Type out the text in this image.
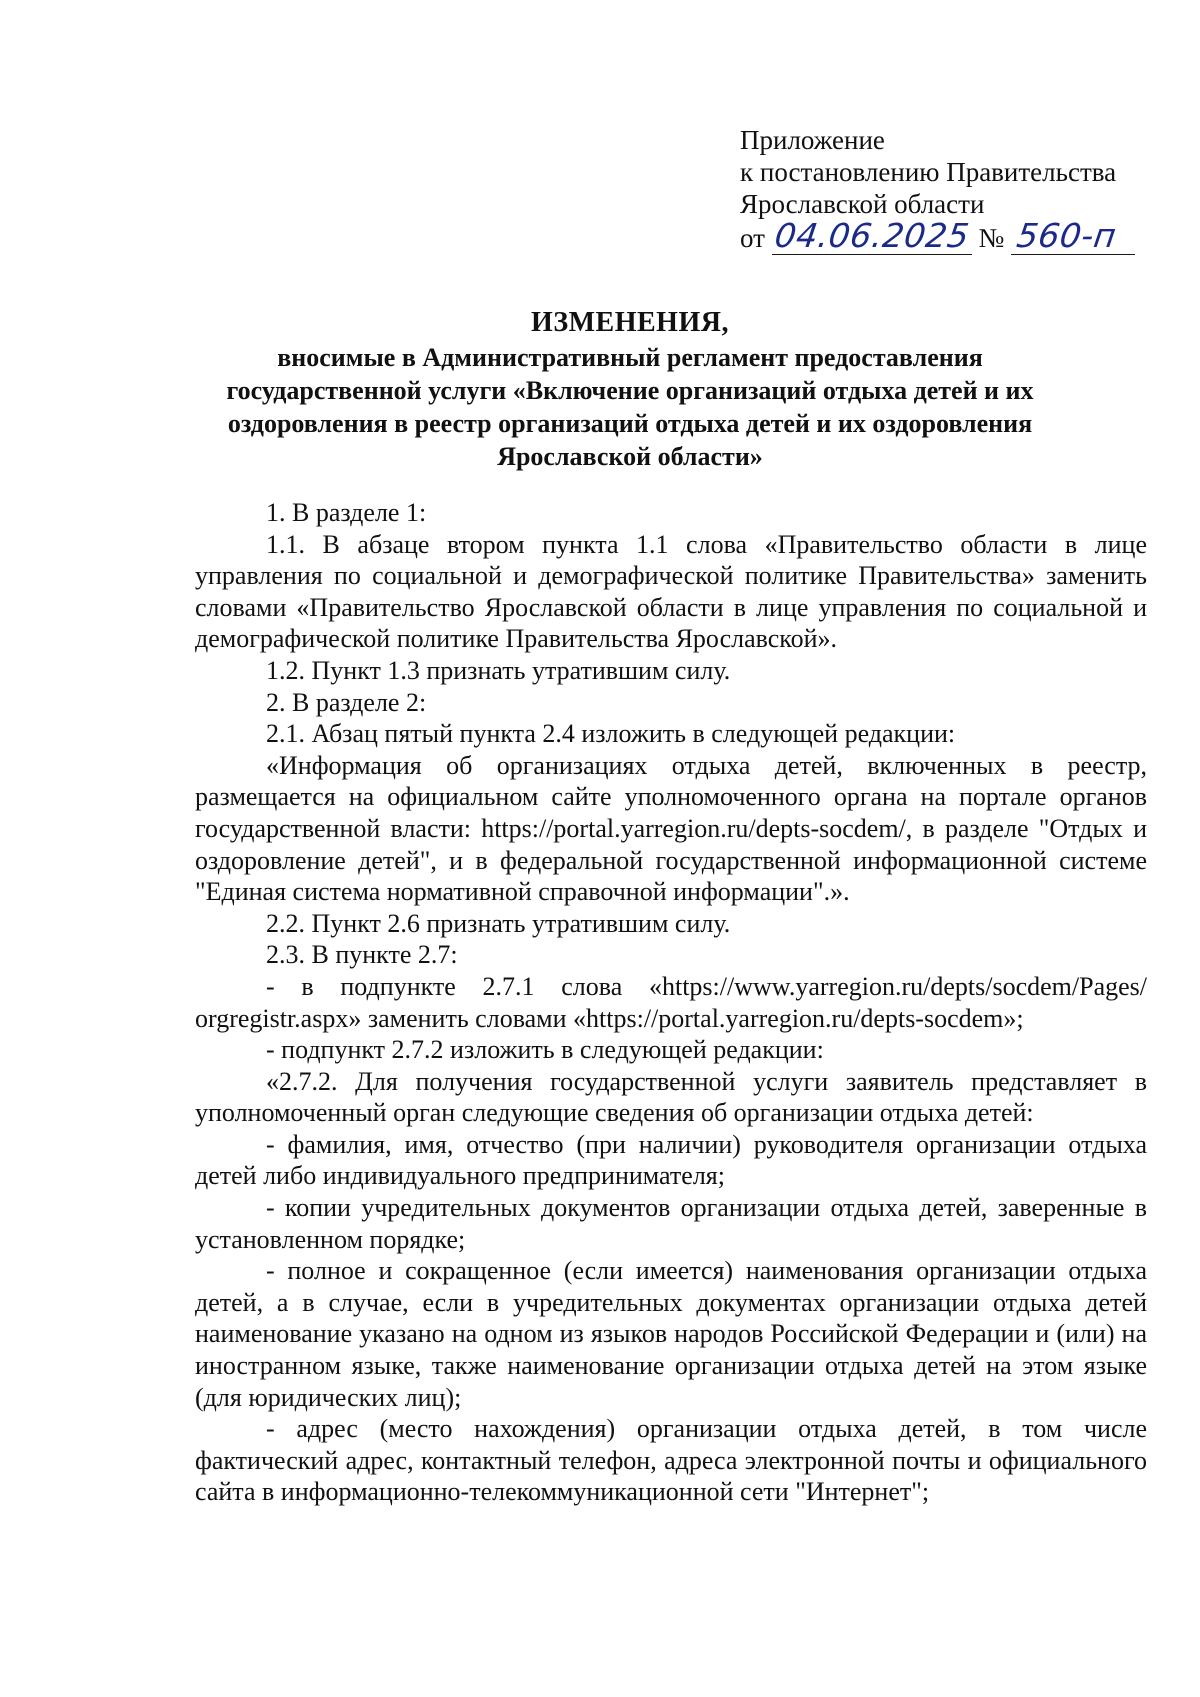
Приложение
к постановлению Правительства
Ярославской области
от 04.06.2025 № 560-п
ИЗМЕНЕНИЯ,
вносимые в Административный регламент предоставления государственной услуги «Включение организаций отдыха детей и их оздоровления в реестр организаций отдыха детей и их оздоровления Ярославской области»

1. В разделе 1:

1.1. В абзаце втором пункта 1.1 слова «Правительство области в лице управления по социальной и демографической политике Правительства» заменить словами «Правительство Ярославской области в лице управления по социальной и демографической политике Правительства Ярославской».

1.2. Пункт 1.3 признать утратившим силу.

2. В разделе 2:

2.1. Абзац пятый пункта 2.4 изложить в следующей редакции:

«Информация об организациях отдыха детей, включенных в реестр, размещается на официальном сайте уполномоченного органа на портале органов государственной власти: https://portal.yarregion.ru/depts-socdem/, в разделе "Отдых и оздоровление детей", и в федеральной государственной информационной системе "Единая система нормативной справочной информации".».

2.2. Пункт 2.6 признать утратившим силу.

2.3. В пункте 2.7:

- в подпункте 2.7.1 слова «https://www.yarregion.ru/depts/socdem/Pages/ orgregistr.aspx» заменить словами «https://portal.yarregion.ru/depts-socdem»;

- подпункт 2.7.2 изложить в следующей редакции:

«2.7.2. Для получения государственной услуги заявитель представляет в уполномоченный орган следующие сведения об организации отдыха детей:

- фамилия, имя, отчество (при наличии) руководителя организации отдыха детей либо индивидуального предпринимателя;

- копии учредительных документов организации отдыха детей, заверенные в установленном порядке;

- полное и сокращенное (если имеется) наименования организации отдыха детей, а в случае, если в учредительных документах организации отдыха детей наименование указано на одном из языков народов Российской Федерации и (или) на иностранном языке, также наименование организации отдыха детей на этом языке (для юридических лиц);

- адрес (место нахождения) организации отдыха детей, в том числе фактический адрес, контактный телефон, адреса электронной почты и официального сайта в информационно-телекоммуникационной сети "Интернет";
